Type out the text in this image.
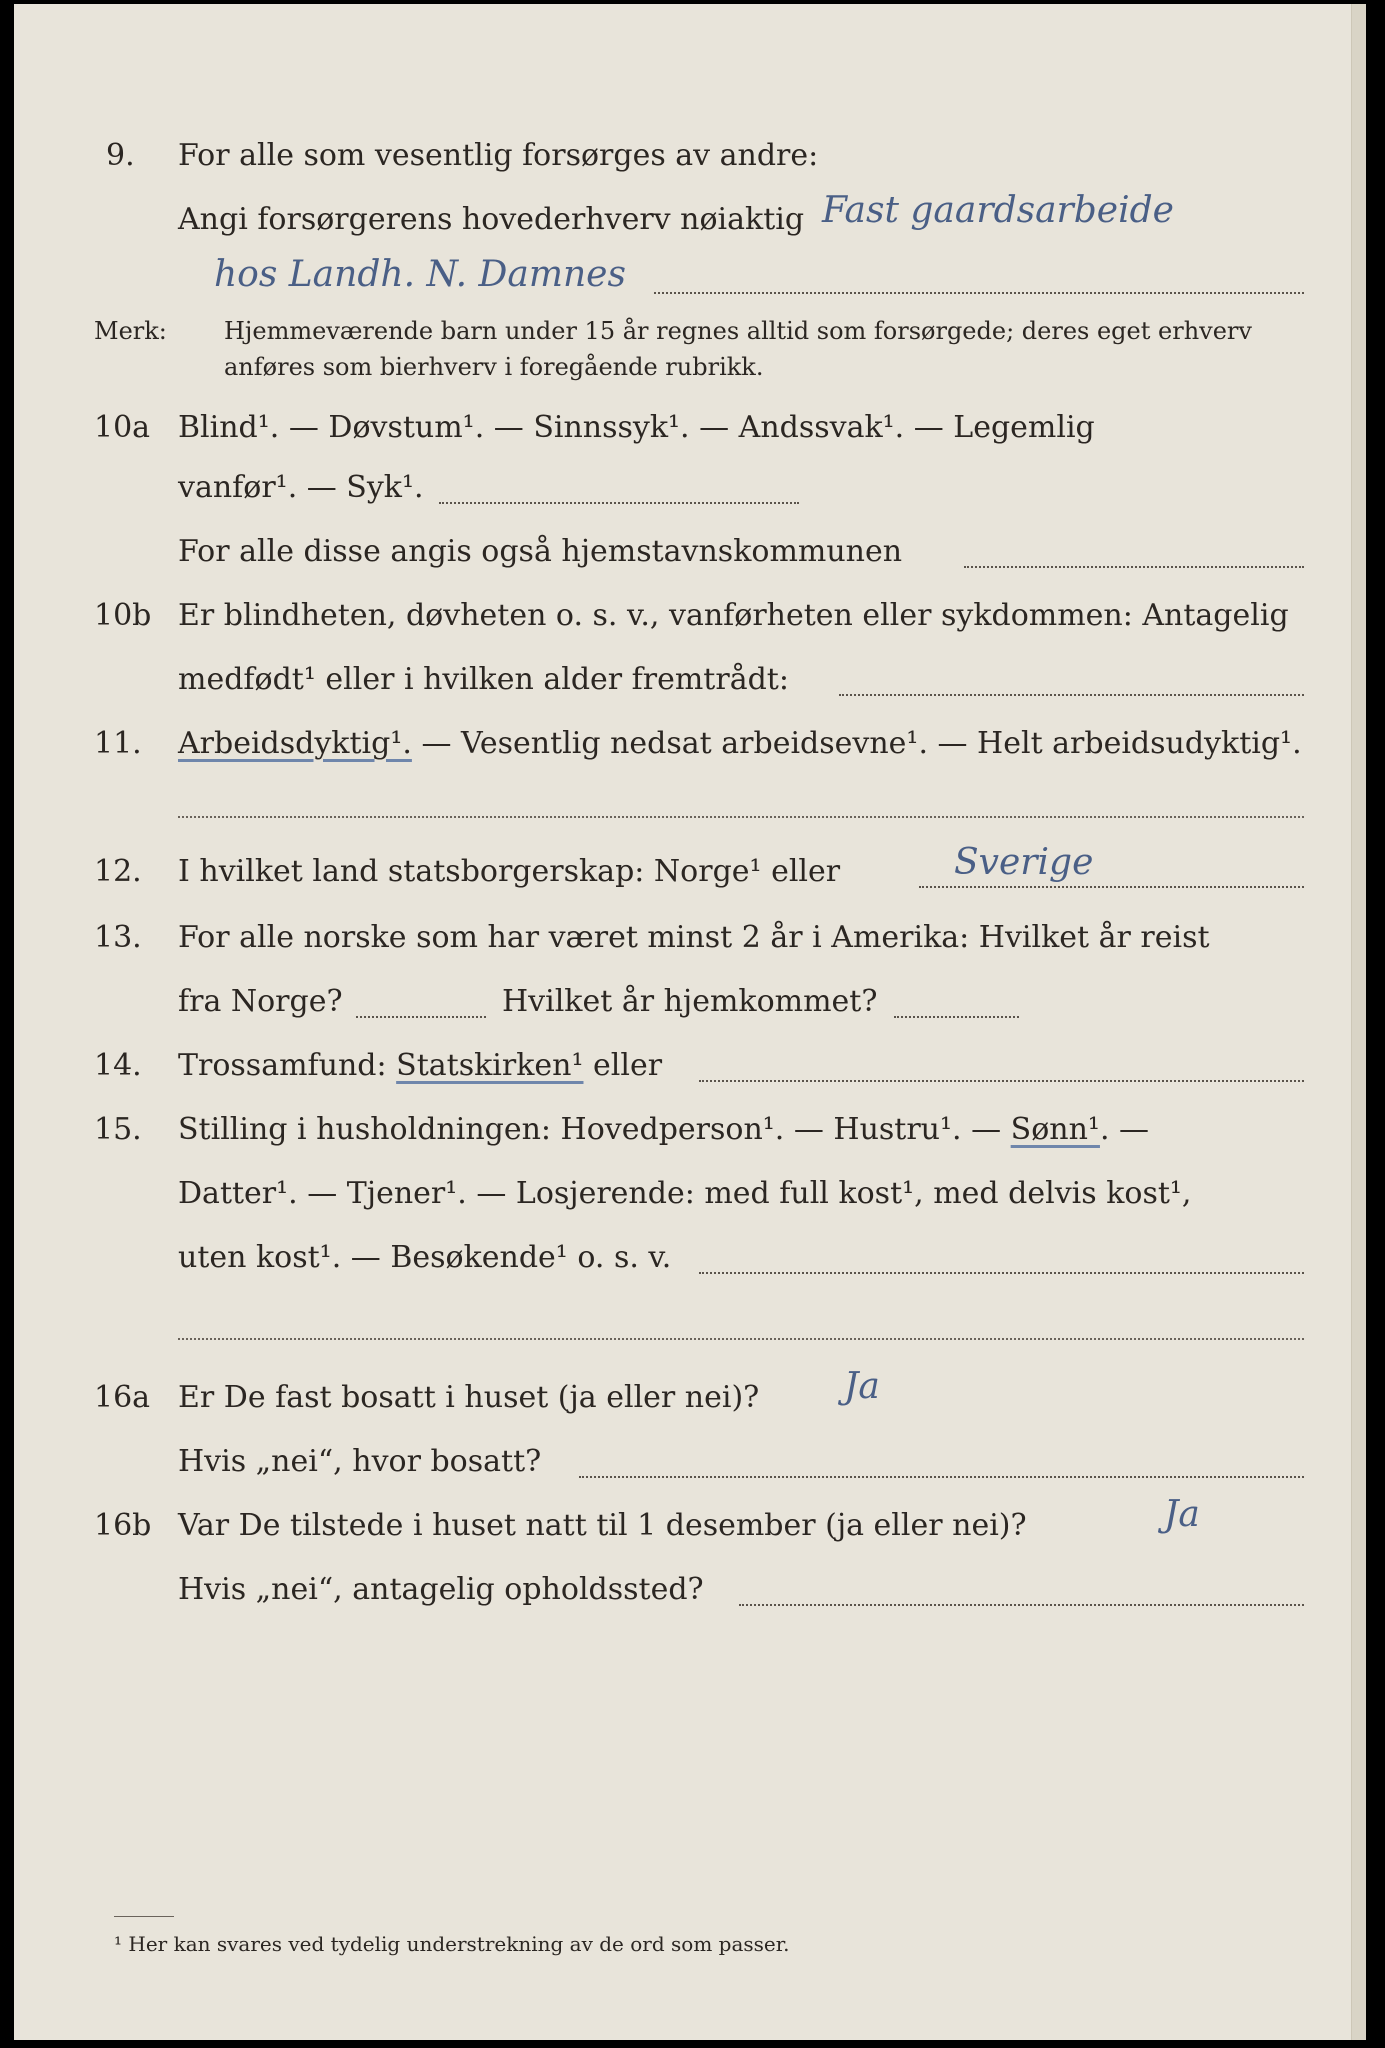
9. For alle som vesentlig forsørges av andre:
Angi forsørgerens hovederhverv nøiaktig Fast gaardsarbeide
hos Landh. N. Damnes
Merk: Hjemmeværende barn under 15 år regnes alltid som forsørgede; deres eget erhverv
anføres som bierhverv i foregående rubrikk.
10a Blind¹. — Døvstum¹. — Sinnssyk¹. — Andssvak¹. — Legemlig
vanfør¹. — Syk¹.
For alle disse angis også hjemstavnskommunen
10b Er blindheten, døvheten o. s. v., vanførheten eller sykdommen: Antagelig
medfødt¹ eller i hvilken alder fremtrådt:
11. Arbeidsdyktig¹. — Vesentlig nedsat arbeidsevne¹. — Helt arbeidsudyktig¹.
12. I hvilket land statsborgerskap: Norge¹ eller	Sverige
13. For alle norske som har været minst 2 år i Amerika: Hvilket år reist
fra Norge?	Hvilket år hjemkommet?
14. Trossamfund: Statskirken¹ eller
15. Stilling i husholdningen: Hovedperson¹. — Hustru¹. — Sønn¹. —
Datter¹. — Tjener¹. — Losjerende: med full kost¹, med delvis kost¹,
uten kost¹. — Besøkende¹ o. s. v.
16a Er De fast bosatt i huset (ja eller nei)? Ja
Hvis „nei“, hvor bosatt?
16b Var De tilstede i huset natt til 1 desember (ja eller nei)?	Ja
Hvis „nei“, antagelig opholdssted?
¹ Her kan svares ved tydelig understrekning av de ord som passer.
